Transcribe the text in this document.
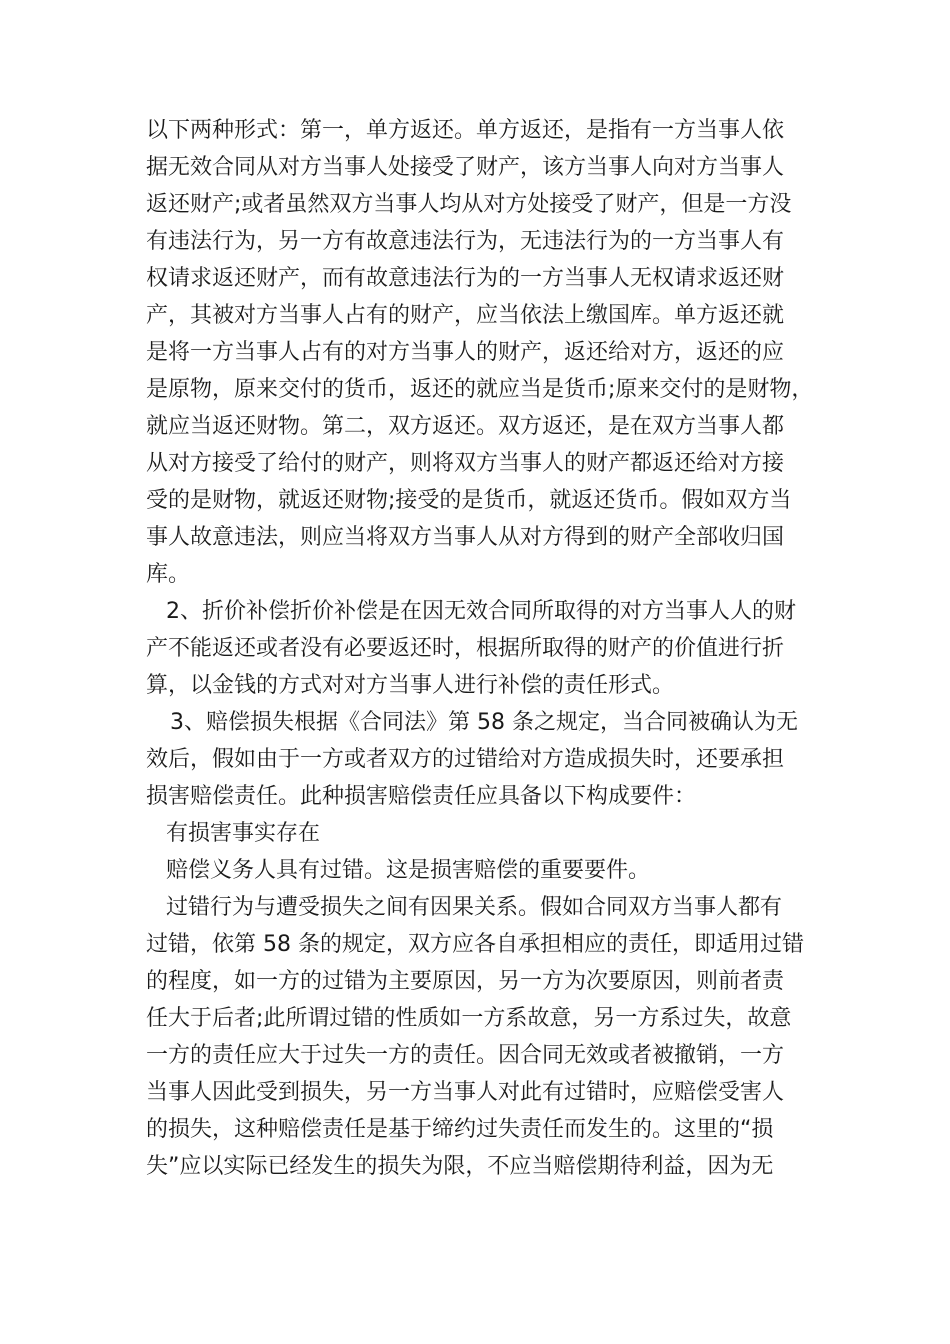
以下两种形式：第一，单方返还。单方返还，是指有一方当事人依
据无效合同从对方当事人处接受了财产，该方当事人向对方当事人
返还财产;或者虽然双方当事人均从对方处接受了财产，但是一方没
有违法行为，另一方有故意违法行为，无违法行为的一方当事人有
权请求返还财产，而有故意违法行为的一方当事人无权请求返还财
产，其被对方当事人占有的财产，应当依法上缴国库。单方返还就
是将一方当事人占有的对方当事人的财产，返还给对方，返还的应
是原物，原来交付的货币，返还的就应当是货币;原来交付的是财物，
就应当返还财物。第二，双方返还。双方返还，是在双方当事人都
从对方接受了给付的财产，则将双方当事人的财产都返还给对方接
受的是财物，就返还财物;接受的是货币，就返还货币。假如双方当
事人故意违法，则应当将双方当事人从对方得到的财产全部收归国
库。
2、折价补偿折价补偿是在因无效合同所取得的对方当事人人的财
产不能返还或者没有必要返还时，根据所取得的财产的价值进行折
算，以金钱的方式对对方当事人进行补偿的责任形式。
3、赔偿损失根据《合同法》第 58 条之规定，当合同被确认为无
效后，假如由于一方或者双方的过错给对方造成损失时，还要承担
损害赔偿责任。此种损害赔偿责任应具备以下构成要件：
有损害事实存在
赔偿义务人具有过错。这是损害赔偿的重要要件。
过错行为与遭受损失之间有因果关系。假如合同双方当事人都有
过错，依第 58 条的规定，双方应各自承担相应的责任，即适用过错
的程度，如一方的过错为主要原因，另一方为次要原因，则前者责
任大于后者;此所谓过错的性质如一方系故意，另一方系过失，故意
一方的责任应大于过失一方的责任。因合同无效或者被撤销，一方
当事人因此受到损失，另一方当事人对此有过错时，应赔偿受害人
的损失，这种赔偿责任是基于缔约过失责任而发生的。这里的“损
失”应以实际已经发生的损失为限，不应当赔偿期待利益，因为无
